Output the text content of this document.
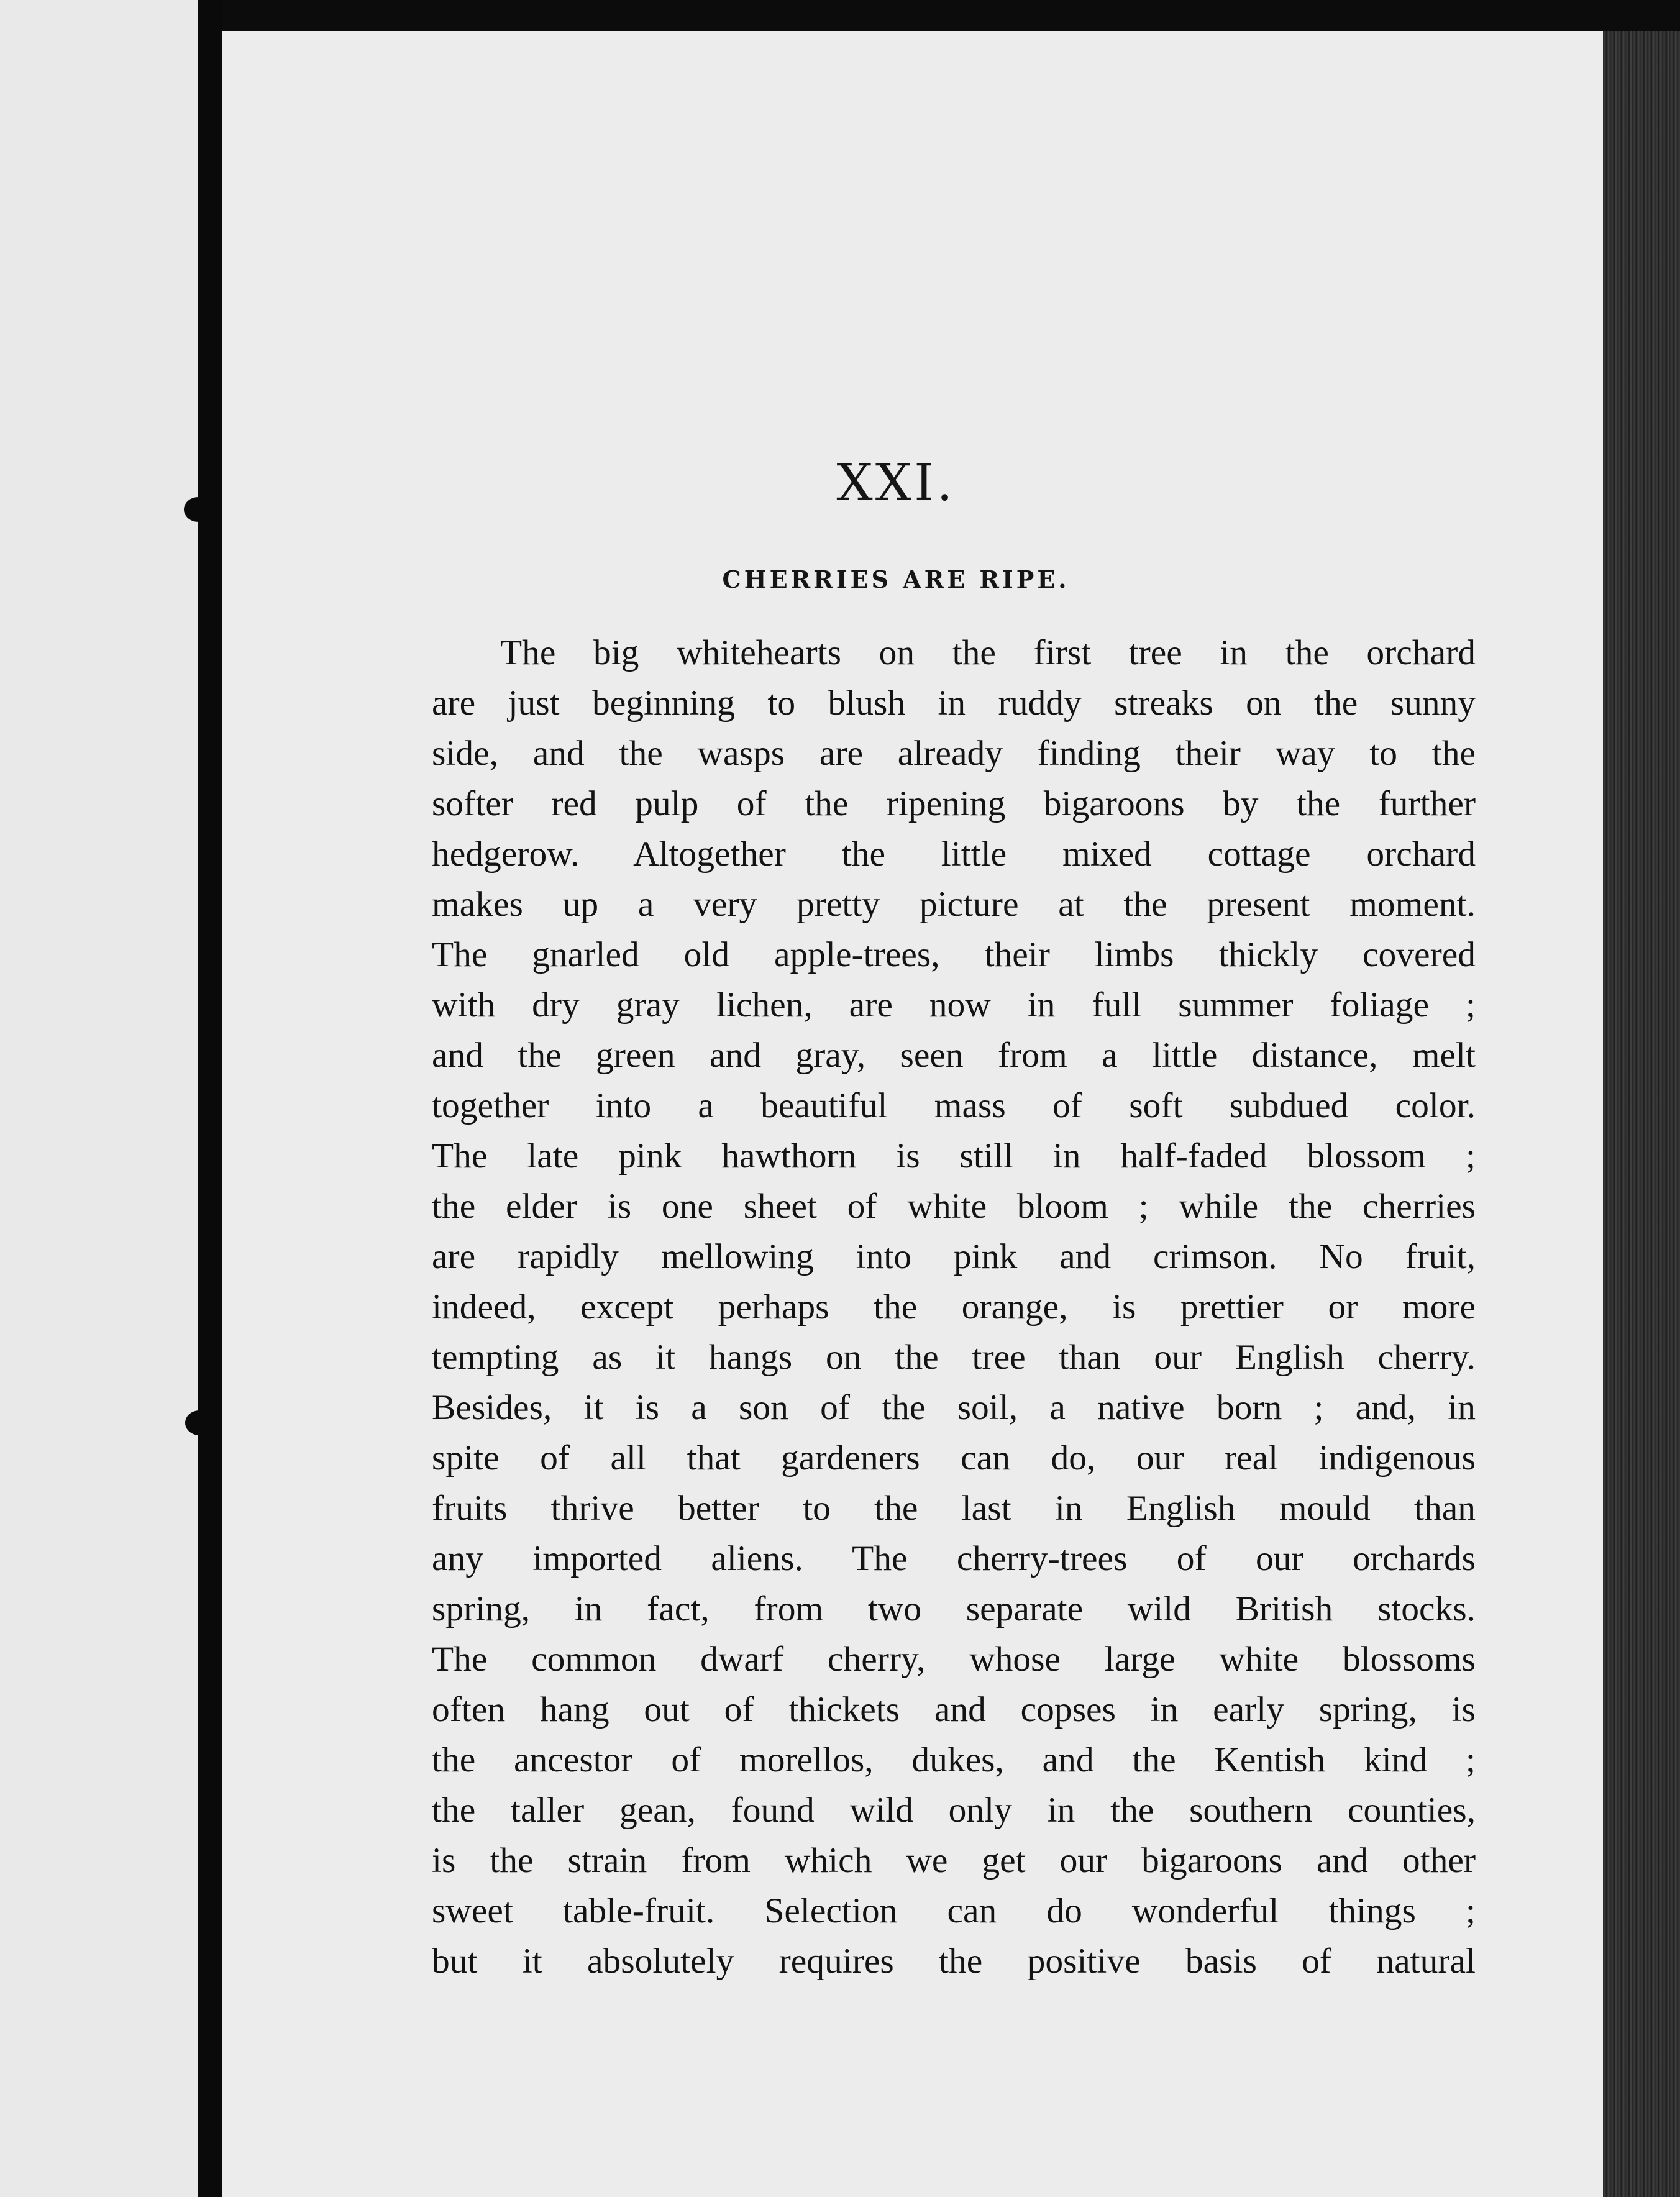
XXI.
CHERRIES ARE RIPE.
The big whitehearts on the first tree in the orchard
are just beginning to blush in ruddy streaks on the sunny
side, and the wasps are already finding their way to the
softer red pulp of the ripening bigaroons by the further
hedgerow. Altogether the little mixed cottage orchard
makes up a very pretty picture at the present moment.
The gnarled old apple-trees, their limbs thickly covered
with dry gray lichen, are now in full summer foliage ;
and the green and gray, seen from a little distance, melt
together into a beautiful mass of soft subdued color.
The late pink hawthorn is still in half-faded blossom ;
the elder is one sheet of white bloom ; while the cherries
are rapidly mellowing into pink and crimson. No fruit,
indeed, except perhaps the orange, is prettier or more
tempting as it hangs on the tree than our English cherry.
Besides, it is a son of the soil, a native born ; and, in
spite of all that gardeners can do, our real indigenous
fruits thrive better to the last in English mould than
any imported aliens. The cherry-trees of our orchards
spring, in fact, from two separate wild British stocks.
The common dwarf cherry, whose large white blossoms
often hang out of thickets and copses in early spring, is
the ancestor of morellos, dukes, and the Kentish kind ;
the taller gean, found wild only in the southern counties,
is the strain from which we get our bigaroons and other
sweet table-fruit. Selection can do wonderful things ;
but it absolutely requires the positive basis of natural
